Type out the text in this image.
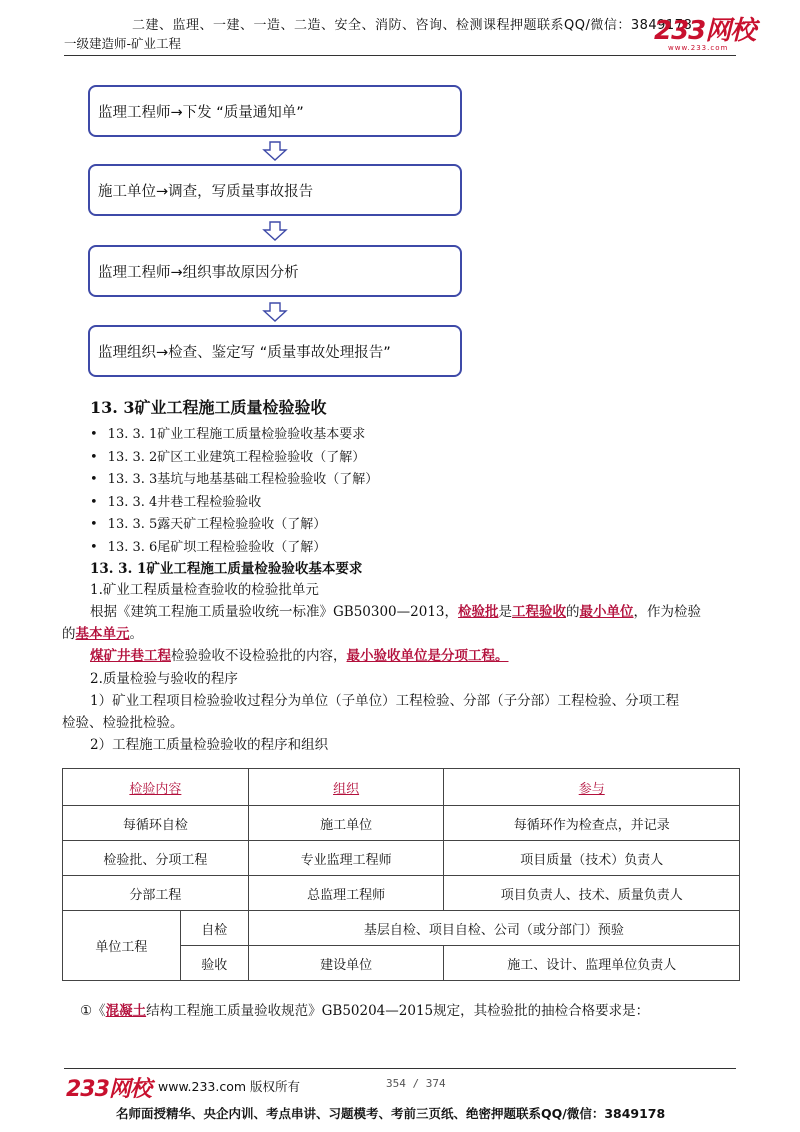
二建、监理、一建、一造、二造、安全、消防、咨询、检测课程押题联系QQ/微信：3849178
一级建造师-矿业工程	233网校
www.233.com
监理工程师→下发 “质量通知单”
施工单位→调查，写质量事故报告
监理工程师→组织事故原因分析
监理组织→检查、鉴定写 “质量事故处理报告”
13. 3矿业工程施工质量检验验收
• 13. 3. 1矿业工程施工质量检验验收基本要求
• 13. 3. 2矿区工业建筑工程检验验收（了解）
• 13. 3. 3基坑与地基基础工程检验验收（了解）
• 13. 3. 4井巷工程检验验收
• 13. 3. 5露天矿工程检验验收（了解）
• 13. 3. 6尾矿坝工程检验验收（了解）
13. 3. 1矿业工程施工质量检验验收基本要求
1.矿业工程质量检查验收的检验批单元
根据《建筑工程施工质量验收统一标准》GB50300—2013，检验批是工程验收的最小单位，作为检验
的基本单元。
煤矿井巷工程检验验收不设检验批的内容，最小验收单位是分项工程。
2.质量检验与验收的程序
1）矿业工程项目检验验收过程分为单位（子单位）工程检验、分部（子分部）工程检验、分项工程
检验、检验批检验。
2）工程施工质量检验验收的程序和组织
检验内容		组织	参与
每循环自检		施工单位	每循环作为检查点，并记录
检验批、分项工程		专业监理工程师	项目质量（技术）负责人
分部工程		总监理工程师	项目负责人、技术、质量负责人
单位工程	自检	基层自检、项目自检、公司（或分部门）预验	
	验收	建设单位	施工、设计、监理单位负责人
①《混凝土结构工程施工质量验收规范》GB50204—2015规定，其检验批的抽检合格要求是：
233网校 www.233.com 版权所有	354 / 374
名师面授精华、央企内训、考点串讲、习题模考、考前三页纸、绝密押题联系QQ/微信：3849178
